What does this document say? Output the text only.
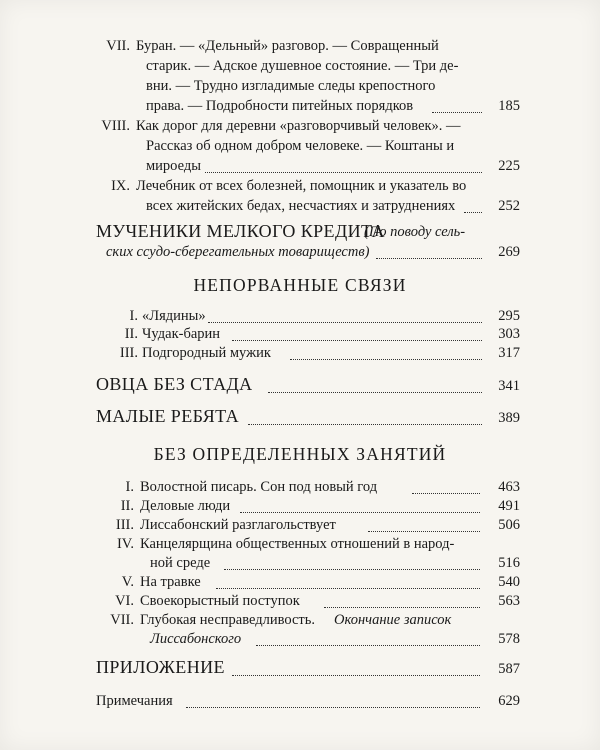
VII. Буран. — «Дельный» разговор. — Совращенный
старик. — Адское душевное состояние. — Три де-
вни. — Трудно изгладимые следы крепостного
права. — Подробности питейных порядков	185
VIII. Как дорог для деревни «разговорчивый человек». —
Рассказ об одном добром человеке. — Коштаны и
мироеды	225
IX. Лечебник от всех болезней, помощник и указатель во
всех житейских бедах, несчастиях и затруднениях	252
МУЧЕНИКИ МЕЛКОГО КРЕДИТА
(По поводу сель-
ских ссудо-сберегательных товариществ)	269
НЕПОРВАННЫЕ СВЯЗИ
I. «Лядины»	295
II. Чудак-барин	303
III. Подгородный мужик	317
ОВЦА БЕЗ СТАДА	341
МАЛЫЕ РЕБЯТА	389
БЕЗ ОПРЕДЕЛЕННЫХ ЗАНЯТИЙ
I. Волостной писарь. Сон под новый год	463
II. Деловые люди	491
III. Лиссабонский разглагольствует	506
IV. Канцелярщина общественных отношений в народ-
ной среде	516
V. На травке	540
VI. Своекорыстный поступок	563
VII. Глубокая несправедливость. Окончание записок
Лиссабонского	578
ПРИЛОЖЕНИЕ	587
Примечания	629
